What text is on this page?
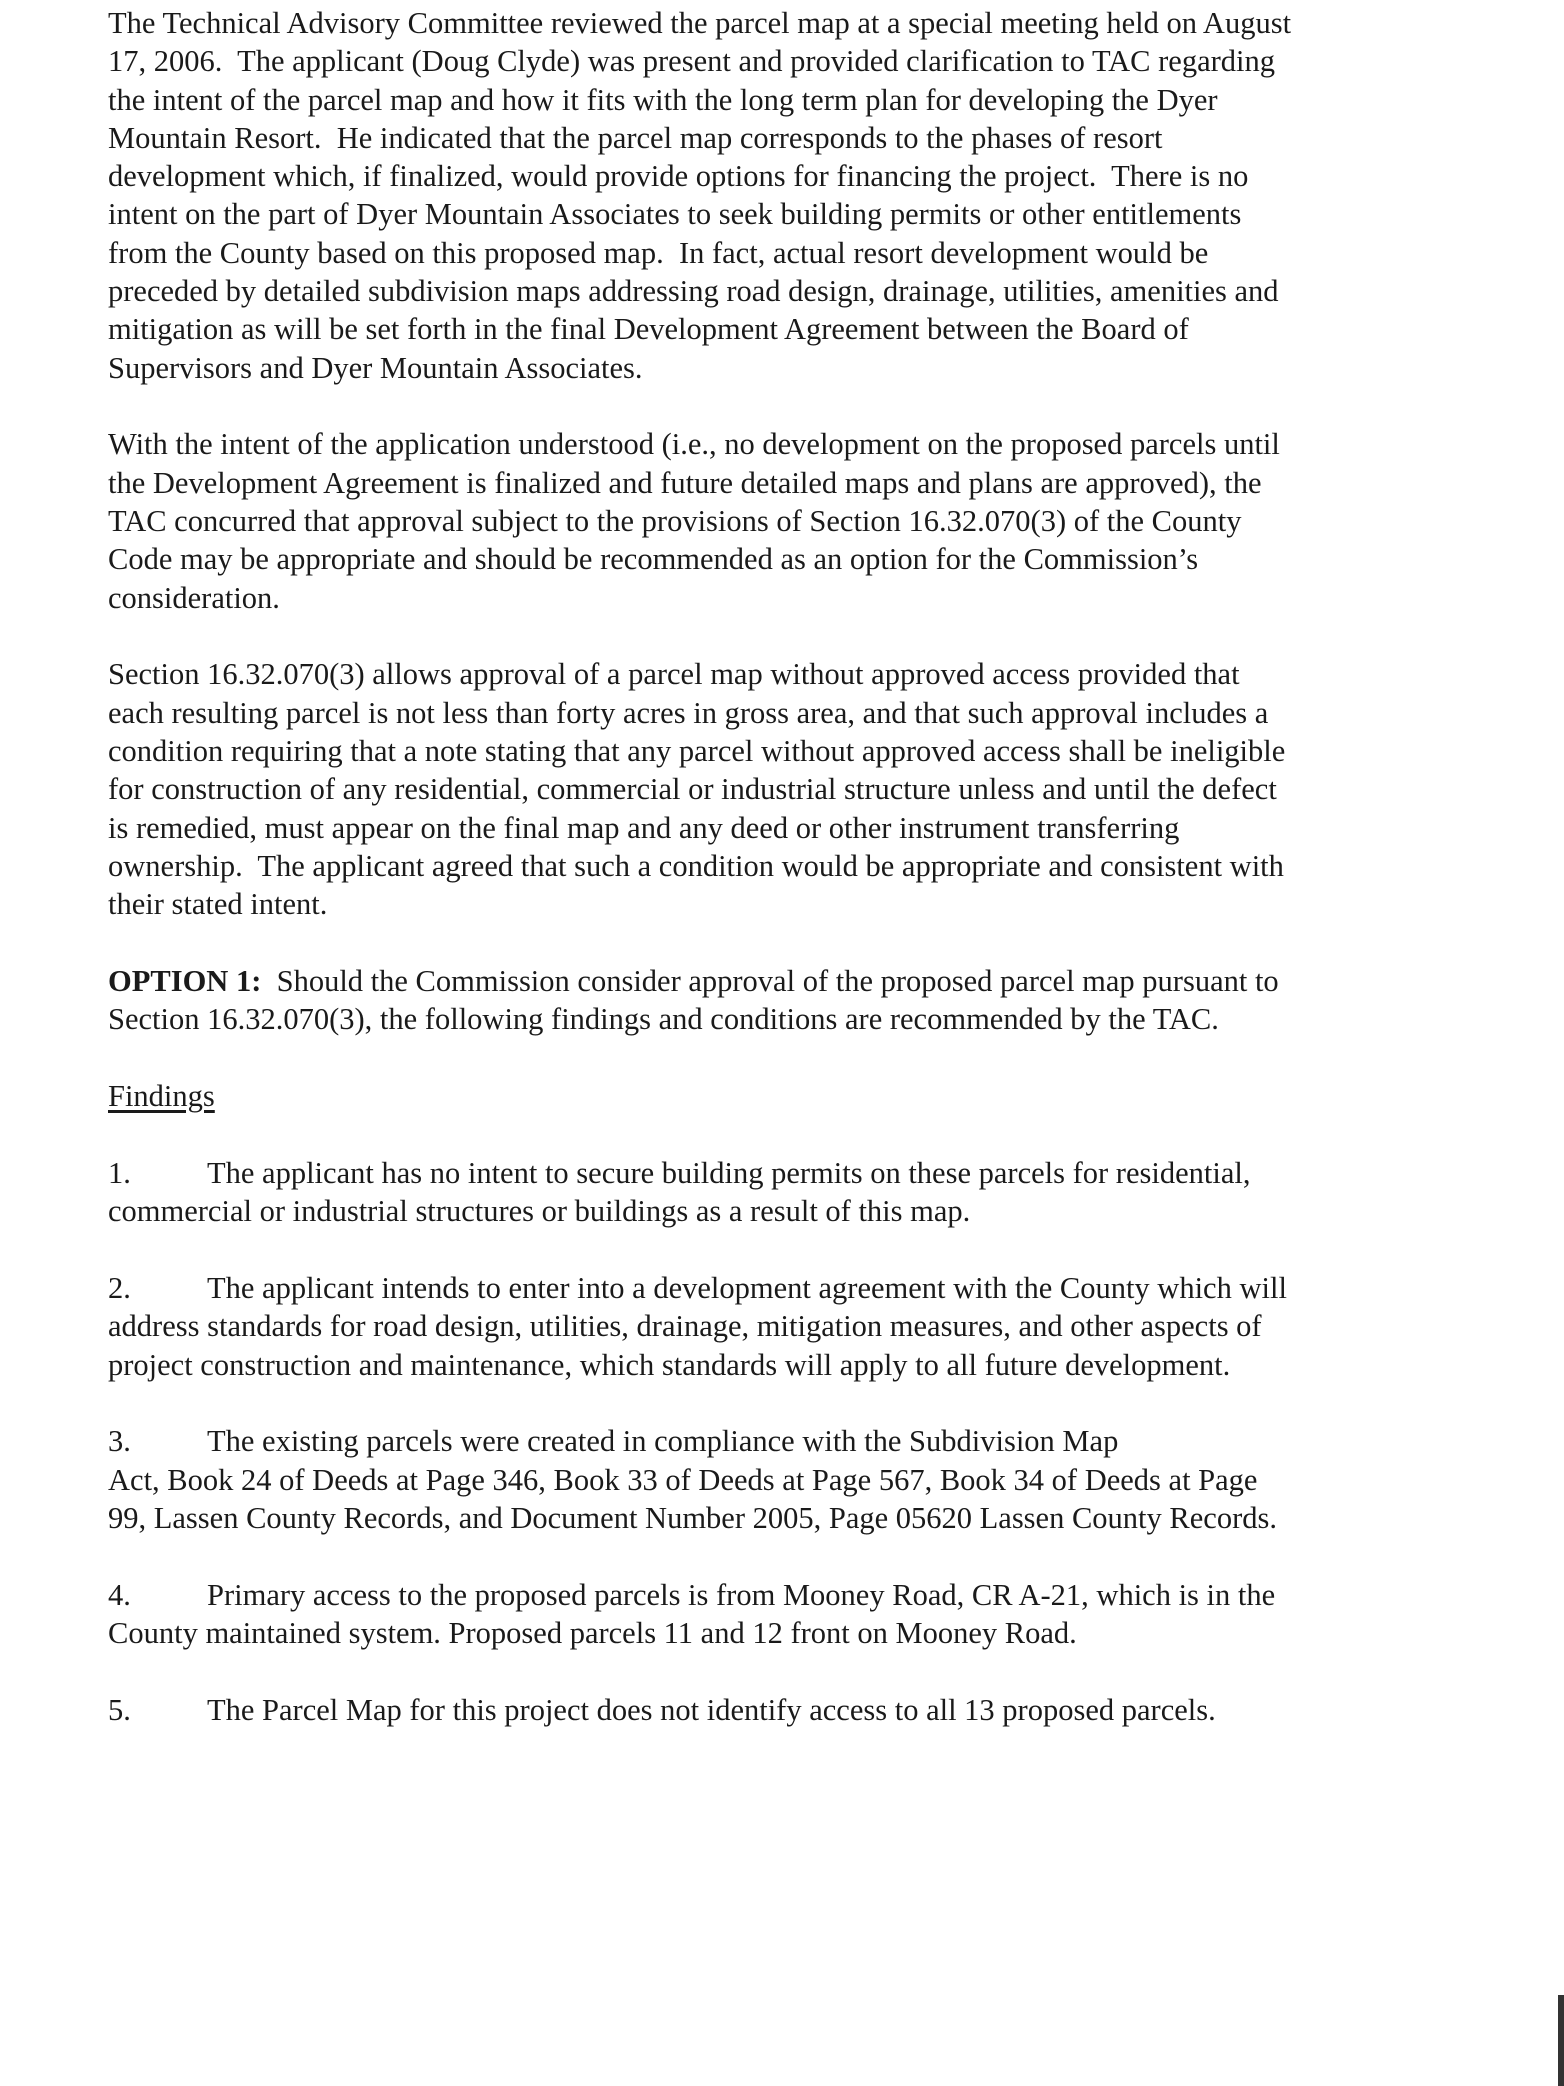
The Technical Advisory Committee reviewed the parcel map at a special meeting held on August
17, 2006.  The applicant (Doug Clyde) was present and provided clarification to TAC regarding
the intent of the parcel map and how it fits with the long term plan for developing the Dyer
Mountain Resort.  He indicated that the parcel map corresponds to the phases of resort
development which, if finalized, would provide options for financing the project.  There is no
intent on the part of Dyer Mountain Associates to seek building permits or other entitlements
from the County based on this proposed map.  In fact, actual resort development would be
preceded by detailed subdivision maps addressing road design, drainage, utilities, amenities and
mitigation as will be set forth in the final Development Agreement between the Board of
Supervisors and Dyer Mountain Associates.
With the intent of the application understood (i.e., no development on the proposed parcels until
the Development Agreement is finalized and future detailed maps and plans are approved), the
TAC concurred that approval subject to the provisions of Section 16.32.070(3) of the County
Code may be appropriate and should be recommended as an option for the Commission’s
consideration.
Section 16.32.070(3) allows approval of a parcel map without approved access provided that
each resulting parcel is not less than forty acres in gross area, and that such approval includes a
condition requiring that a note stating that any parcel without approved access shall be ineligible
for construction of any residential, commercial or industrial structure unless and until the defect
is remedied, must appear on the final map and any deed or other instrument transferring
ownership.  The applicant agreed that such a condition would be appropriate and consistent with
their stated intent.
OPTION 1:  Should the Commission consider approval of the proposed parcel map pursuant to
Section 16.32.070(3), the following findings and conditions are recommended by the TAC.
Findings
1. The applicant has no intent to secure building permits on these parcels for residential,
commercial or industrial structures or buildings as a result of this map.
2. The applicant intends to enter into a development agreement with the County which will
address standards for road design, utilities, drainage, mitigation measures, and other aspects of
project construction and maintenance, which standards will apply to all future development.
3. The existing parcels were created in compliance with the Subdivision Map
Act, Book 24 of Deeds at Page 346, Book 33 of Deeds at Page 567, Book 34 of Deeds at Page
99, Lassen County Records, and Document Number 2005, Page 05620 Lassen County Records.
4. Primary access to the proposed parcels is from Mooney Road, CR A-21, which is in the
County maintained system. Proposed parcels 11 and 12 front on Mooney Road.
5. The Parcel Map for this project does not identify access to all 13 proposed parcels.
